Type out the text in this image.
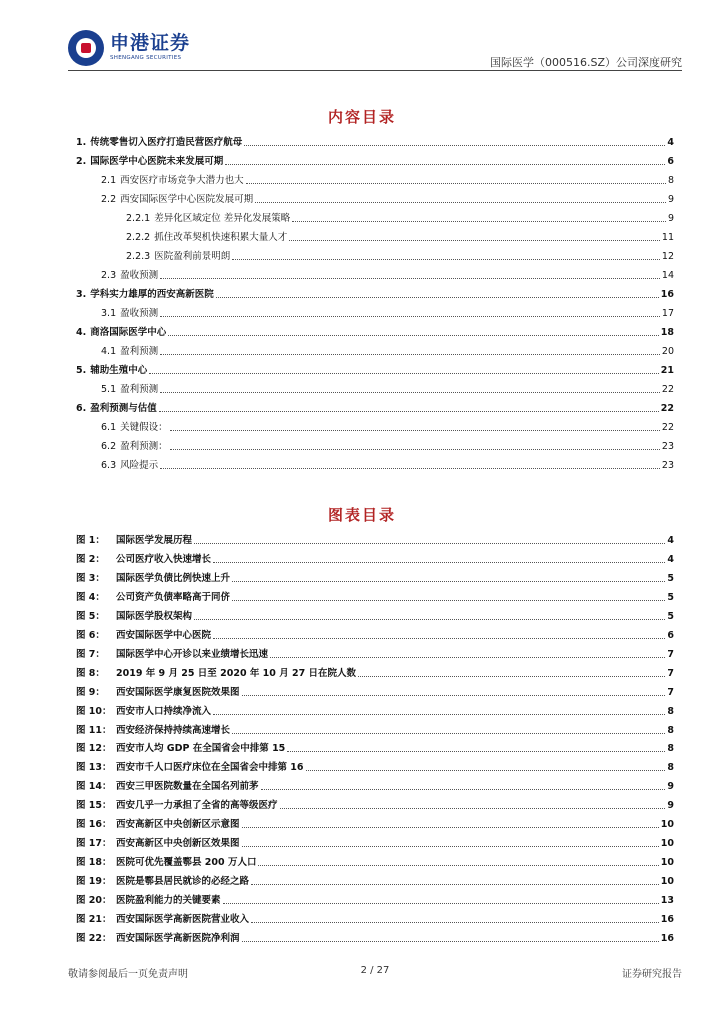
申港证券
SHENGANG SECURITIES	国际医学（000516.SZ）公司深度研究
内容目录
1. 传统零售切入医疗打造民营医疗航母	4
2. 国际医学中心医院未来发展可期	6
2.1 西安医疗市场竞争大潜力也大	8
2.2 西安国际医学中心医院发展可期	9
2.2.1 差异化区域定位 差异化发展策略	9
2.2.2 抓住改革契机快速积累大量人才	11
2.2.3 医院盈利前景明朗	12
2.3 盈收预测	14
3. 学科实力雄厚的西安高新医院	16
3.1 盈收预测	17
4. 商洛国际医学中心	18
4.1 盈利预测	20
5. 辅助生殖中心	21
5.1 盈利预测	22
6. 盈利预测与估值	22
6.1 关键假设：	22
6.2 盈利预测：	23
6.3 风险提示	23
图表目录
图 1：	国际医学发展历程	4
图 2：	公司医疗收入快速增长	4
图 3：	国际医学负债比例快速上升	5
图 4：	公司资产负债率略高于同侪	5
图 5：	国际医学股权架构	5
图 6：	西安国际医学中心医院	6
图 7：	国际医学中心开诊以来业绩增长迅速	7
图 8：	2019 年 9 月 25 日至 2020 年 10 月 27 日在院人数	7
图 9：	西安国际医学康复医院效果图	7
图 10： 西安市人口持续净流入	8
图 11： 西安经济保持持续高速增长	8
图 12： 西安市人均 GDP 在全国省会中排第 15	8
图 13： 西安市千人口医疗床位在全国省会中排第 16	8
图 14： 西安三甲医院数量在全国名列前茅	9
图 15： 西安几乎一力承担了全省的高等级医疗	9
图 16： 西安高新区中央创新区示意图	10
图 17： 西安高新区中央创新区效果图	10
图 18： 医院可优先覆盖鄠县 200 万人口	10
图 19： 医院是鄠县居民就诊的必经之路	10
图 20： 医院盈利能力的关键要素	13
图 21： 西安国际医学高新医院营业收入	16
图 22： 西安国际医学高新医院净利润	16
敬请参阅最后一页免责声明	2 / 27	证券研究报告
